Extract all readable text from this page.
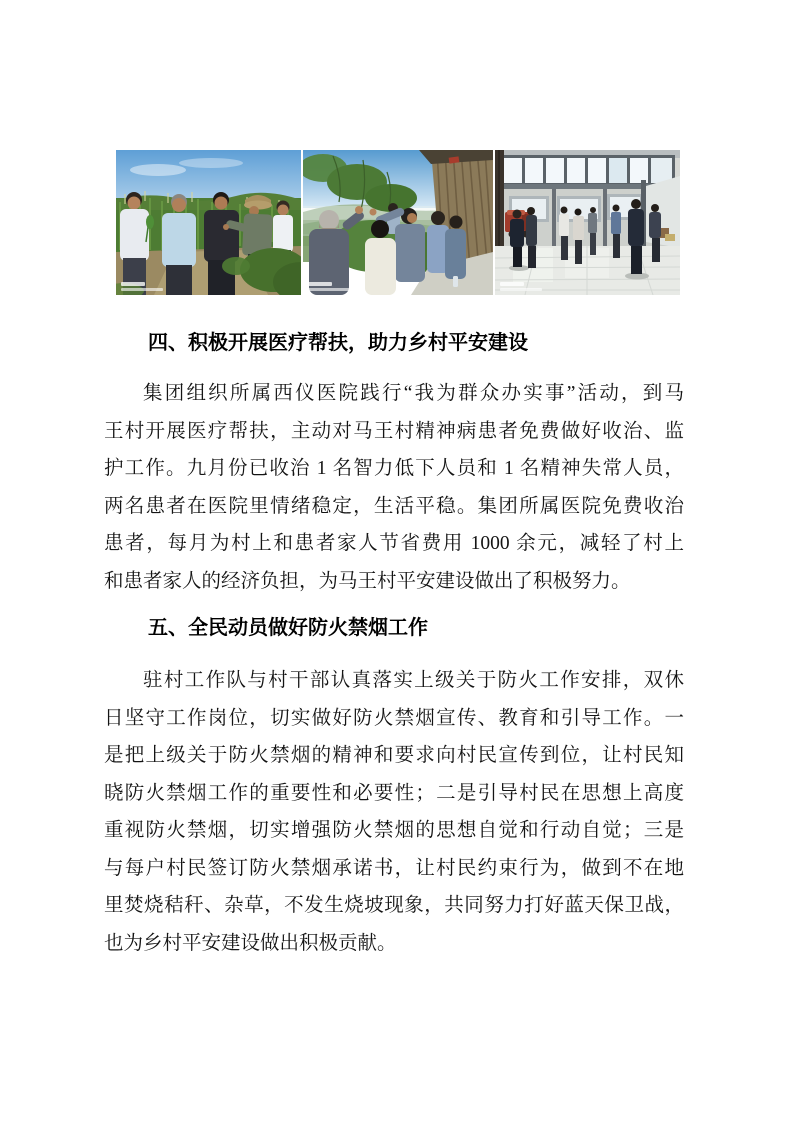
四、积极开展医疗帮扶，助力乡村平安建设
集团组织所属西仪医院践行“我为群众办实事”活动，到马
王村开展医疗帮扶，主动对马王村精神病患者免费做好收治、监
护工作。九月份已收治 1 名智力低下人员和 1 名精神失常人员，
两名患者在医院里情绪稳定，生活平稳。集团所属医院免费收治
患者，每月为村上和患者家人节省费用 1000 余元，减轻了村上
和患者家人的经济负担，为马王村平安建设做出了积极努力。
五、全民动员做好防火禁烟工作
驻村工作队与村干部认真落实上级关于防火工作安排，双休
日坚守工作岗位，切实做好防火禁烟宣传、教育和引导工作。一
是把上级关于防火禁烟的精神和要求向村民宣传到位，让村民知
晓防火禁烟工作的重要性和必要性；二是引导村民在思想上高度
重视防火禁烟，切实增强防火禁烟的思想自觉和行动自觉；三是
与每户村民签订防火禁烟承诺书，让村民约束行为，做到不在地
里焚烧秸秆、杂草，不发生烧坡现象，共同努力打好蓝天保卫战，
也为乡村平安建设做出积极贡献。
